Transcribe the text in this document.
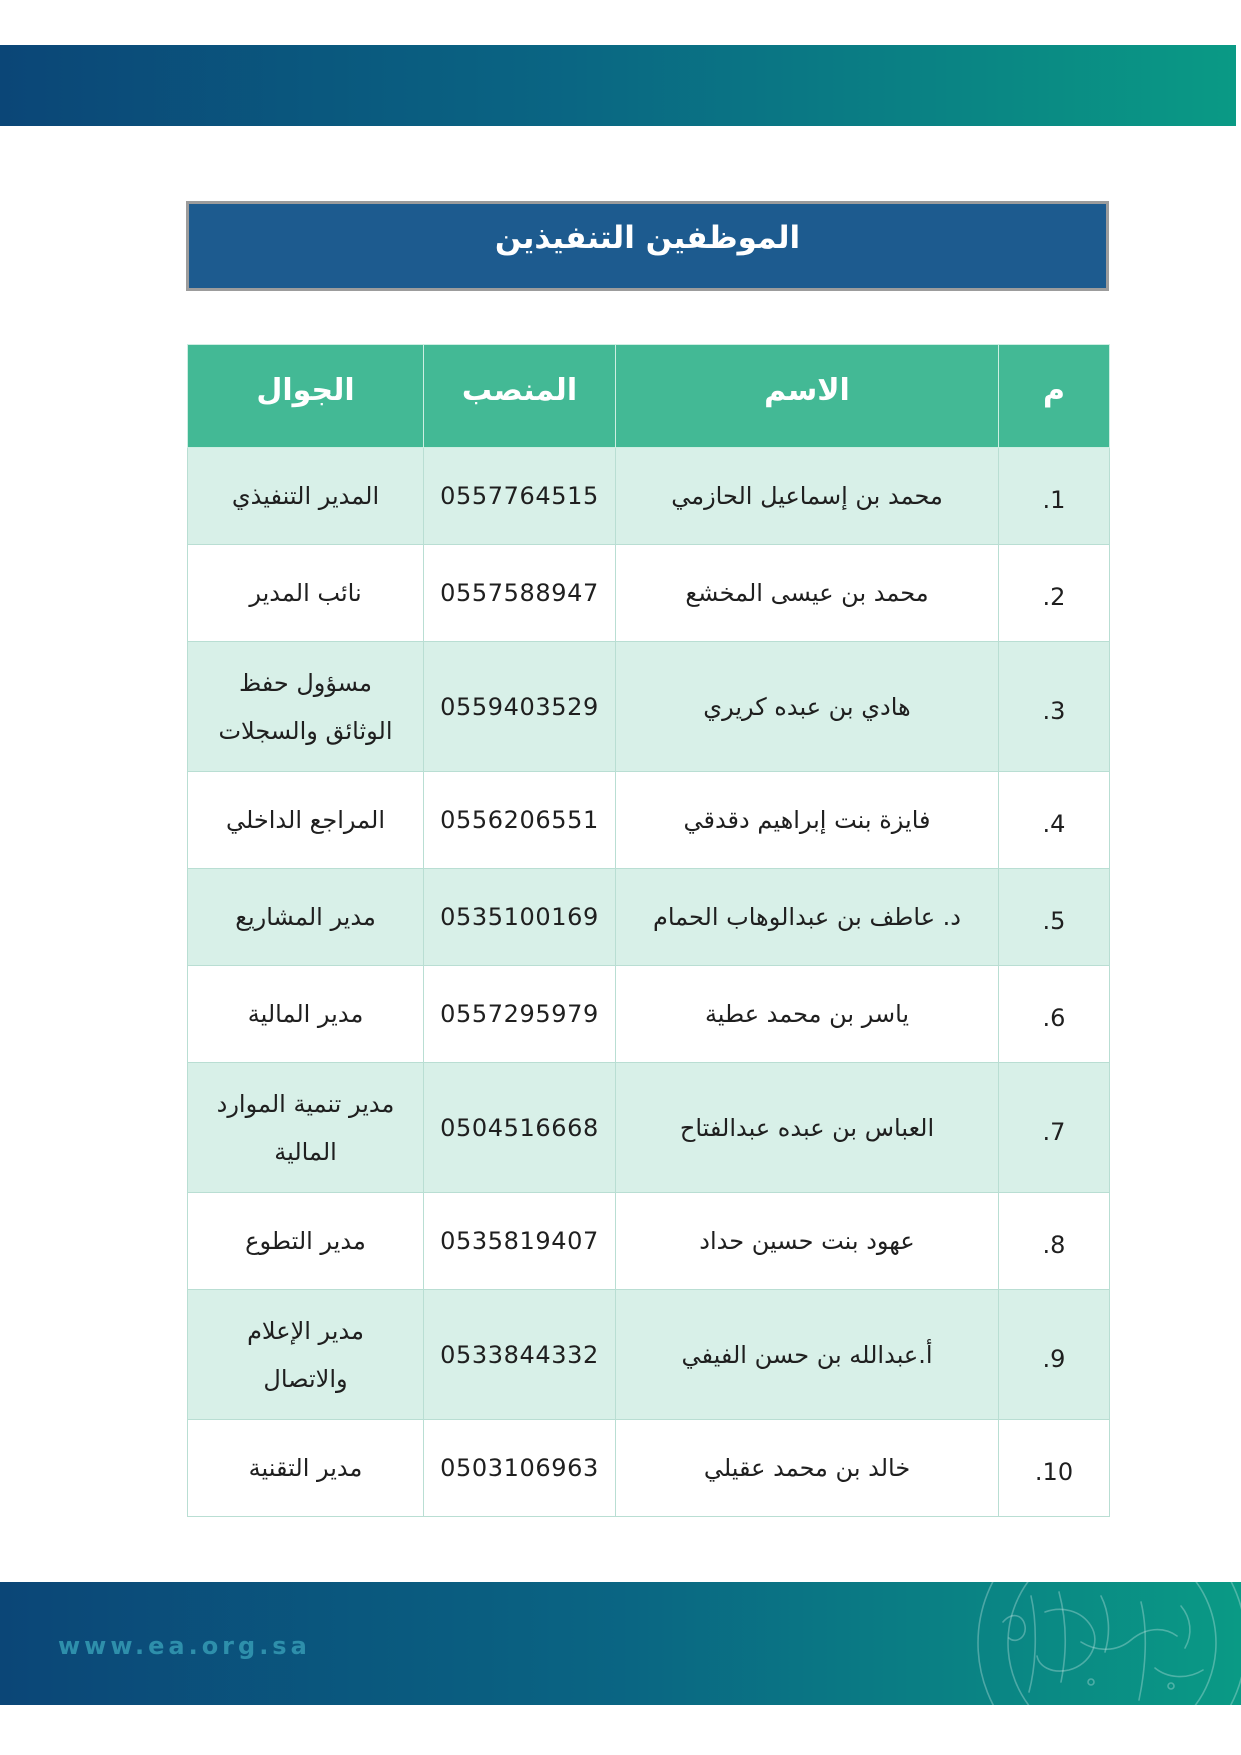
الموظفين التنفيذين
م	الاسم	المنصب	الجوال
1.	محمد بن إسماعيل الحازمي	0557764515	المدير التنفيذي
2.	محمد بن عيسى المخشع	0557588947	نائب المدير
3.	هادي بن عبده كريري	0559403529	مسؤول حفظ
الوثائق والسجلات
4.	فايزة بنت إبراهيم دقدقي	0556206551	المراجع الداخلي
5.	د. عاطف بن عبدالوهاب الحمام	0535100169	مدير المشاريع
6.	ياسر بن محمد عطية	0557295979	مدير المالية
7.	العباس بن عبده عبدالفتاح	0504516668	مدير تنمية الموارد
المالية
8.	عهود بنت حسين حداد	0535819407	مدير التطوع
9.	أ.عبدالله بن حسن الفيفي	0533844332	مدير الإعلام
والاتصال
10.	خالد بن محمد عقيلي	0503106963	مدير التقنية
www.ea.org.sa
